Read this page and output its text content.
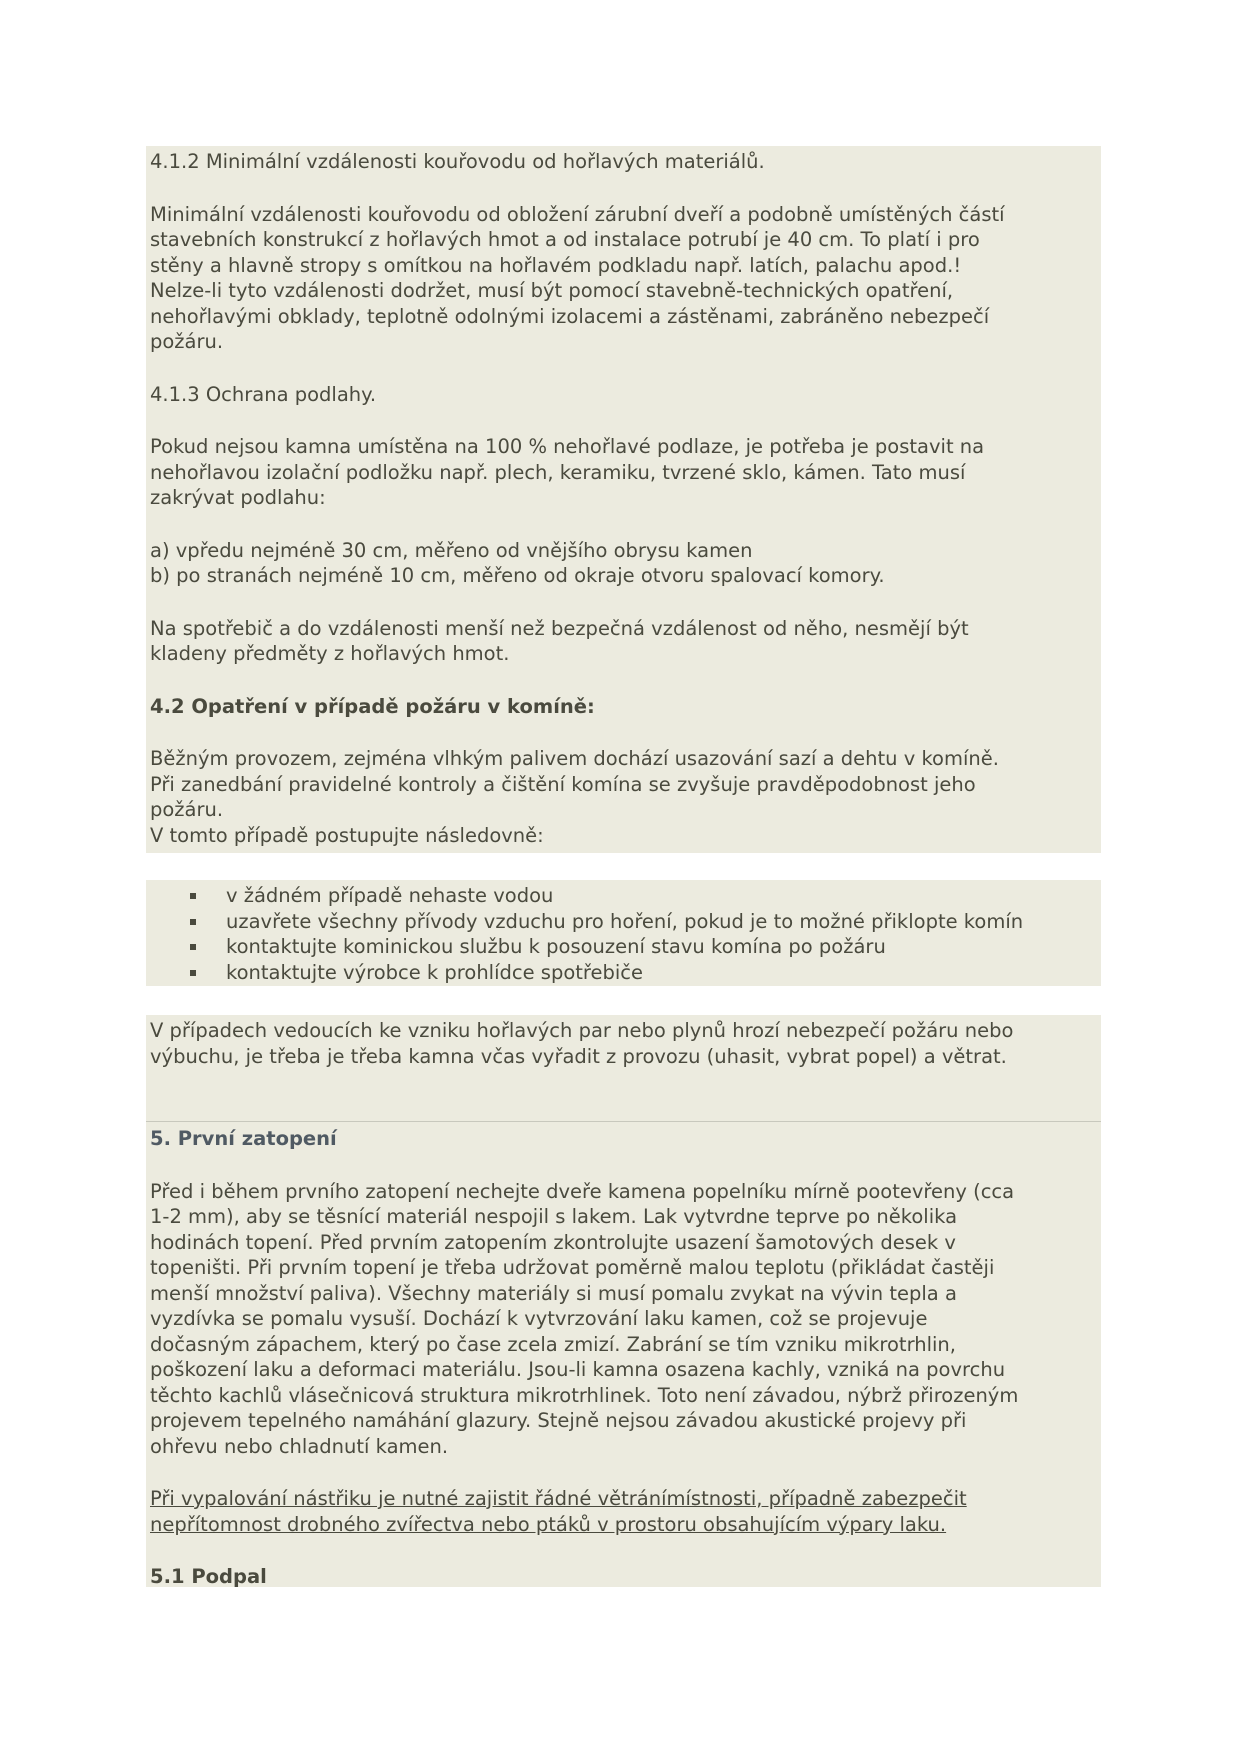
4.1.2 Minimální vzdálenosti kouřovodu od hořlavých materiálů.

Minimální vzdálenosti kouřovodu od obložení zárubní dveří a podobně umístěných částí

stavebních konstrukcí z hořlavých hmot a od instalace potrubí je 40 cm. To platí i pro

stěny a hlavně stropy s omítkou na hořlavém podkladu např. latích, palachu apod.!

Nelze-li tyto vzdálenosti dodržet, musí být pomocí stavebně-technických opatření,

nehořlavými obklady, teplotně odolnými izolacemi a zástěnami, zabráněno nebezpečí

požáru.

4.1.3 Ochrana podlahy.

Pokud nejsou kamna umístěna na 100 % nehořlavé podlaze, je potřeba je postavit na

nehořlavou izolační podložku např. plech, keramiku, tvrzené sklo, kámen. Tato musí

zakrývat podlahu:

a) vpředu nejméně 30 cm, měřeno od vnějšího obrysu kamen

b) po stranách nejméně 10 cm, měřeno od okraje otvoru spalovací komory.

Na spotřebič a do vzdálenosti menší než bezpečná vzdálenost od něho, nesmějí být

kladeny předměty z hořlavých hmot.

4.2 Opatření v případě požáru v komíně:

Běžným provozem, zejména vlhkým palivem dochází usazování sazí a dehtu v komíně.

Při zanedbání pravidelné kontroly a čištění komína se zvyšuje pravděpodobnost jeho

požáru.

V tomto případě postupujte následovně:

v žádném případě nehaste vodou
uzavřete všechny přívody vzduchu pro hoření, pokud je to možné přiklopte komín
kontaktujte kominickou službu k posouzení stavu komína po požáru
kontaktujte výrobce k prohlídce spotřebiče

V případech vedoucích ke vzniku hořlavých par nebo plynů hrozí nebezpečí požáru nebo

výbuchu, je třeba je třeba kamna včas vyřadit z provozu (uhasit, vybrat popel) a větrat.

5. První zatopení

Před i během prvního zatopení nechejte dveře kamena popelníku mírně pootevřeny (cca

1-2 mm), aby se těsnící materiál nespojil s lakem. Lak vytvrdne teprve po několika

hodinách topení. Před prvním zatopením zkontrolujte usazení šamotových desek v

topeništi. Při prvním topení je třeba udržovat poměrně malou teplotu (přikládat častěji

menší množství paliva). Všechny materiály si musí pomalu zvykat na vývin tepla a

vyzdívka se pomalu vysuší. Dochází k vytvrzování laku kamen, což se projevuje

dočasným zápachem, který po čase zcela zmizí. Zabrání se tím vzniku mikrotrhlin,

poškození laku a deformaci materiálu. Jsou-li kamna osazena kachly, vzniká na povrchu

těchto kachlů vlásečnicová struktura mikrotrhlinek. Toto není závadou, nýbrž přirozeným

projevem tepelného namáhání glazury. Stejně nejsou závadou akustické projevy při

ohřevu nebo chladnutí kamen.

Při vypalování nástřiku je nutné zajistit řádné větránímístnosti, případně zabezpečit

nepřítomnost drobného zvířectva nebo ptáků v prostoru obsahujícím výpary laku.

5.1 Podpal
